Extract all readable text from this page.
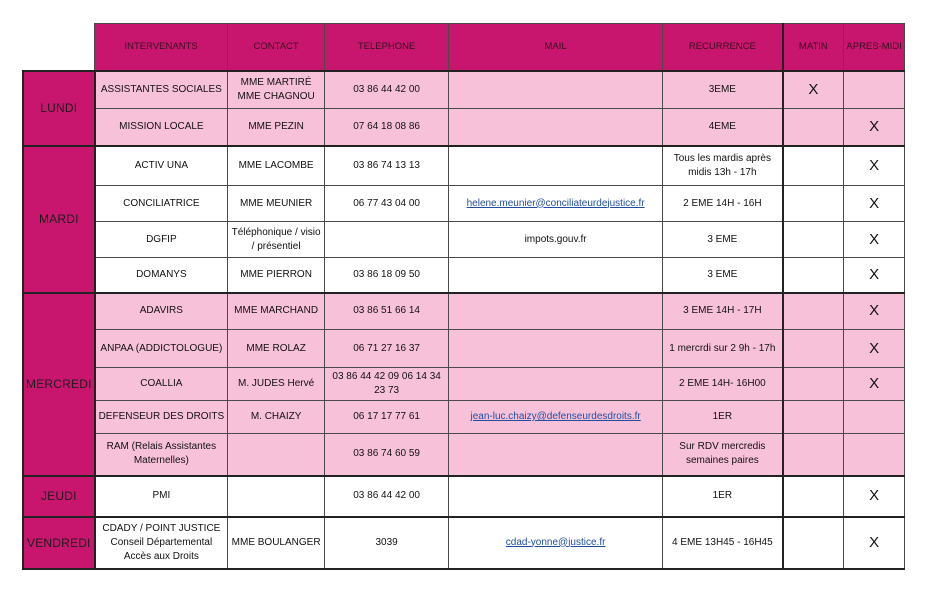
	INTERVENANTS	CONTACT	TELEPHONE	MAIL	RECURRENCE	MATIN	APRES-MIDI
LUNDI	ASSISTANTES SOCIALES	MME MARTIRÉ MME CHAGNOU	03 86 44 42 00		3EME	X	
	MISSION LOCALE	MME PEZIN	07 64 18 08 86		4EME		X
MARDI	ACTIV UNA	MME LACOMBE	03 86 74 13 13		Tous les mardis après midis 13h - 17h		X
	CONCILIATRICE	MME MEUNIER	06 77 43 04 00	helene.meunier@conciliateurdejustice.fr	2 EME 14H - 16H		X
	DGFIP	Téléphonique / visio / présentiel		impots.gouv.fr	3 EME		X
	DOMANYS	MME PIERRON	03 86 18 09 50		3 EME		X
MERCREDI	ADAVIRS	MME MARCHAND	03 86 51 66 14		3 EME 14H - 17H		X
	ANPAA (ADDICTOLOGUE)	MME ROLAZ	06 71 27 16 37		1 mercrdi sur 2 9h - 17h		X
	COALLIA	M. JUDES Hervé	03 86 44 42 09 06 14 34 23 73		2 EME 14H- 16H00		X
	DEFENSEUR DES DROITS	M. CHAIZY	06 17 17 77 61	jean-luc.chaizy@defenseurdesdroits.fr	1ER		
	RAM (Relais Assistantes Maternelles)		03 86 74 60 59		Sur RDV mercredis semaines paires		
JEUDI	PMI		03 86 44 42 00		1ER		X
VENDREDI	CDADY / POINT JUSTICE Conseil Départemental Accès aux Droits	MME BOULANGER	3039	cdad-yonne@justice.fr	4 EME 13H45 - 16H45		X
